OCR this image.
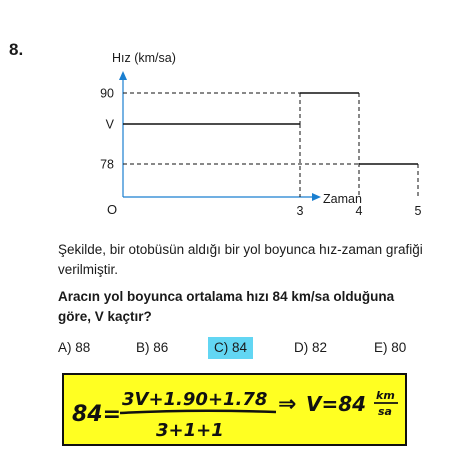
8.	Hız (km/sa)
Zaman
O
78
V
90
3	4	5
Şekilde, bir otobüsün aldığı bir yol boyunca hız-zaman grafiği verilmiştir.
Aracın yol boyunca ortalama hızı 84 km/sa olduğuna göre, V kaçtır?
A) 88	B) 86	C) 84	D) 82	E) 80
84=
3V+1.90+1.78
3+1+1
⇒ V=84 km
sa
